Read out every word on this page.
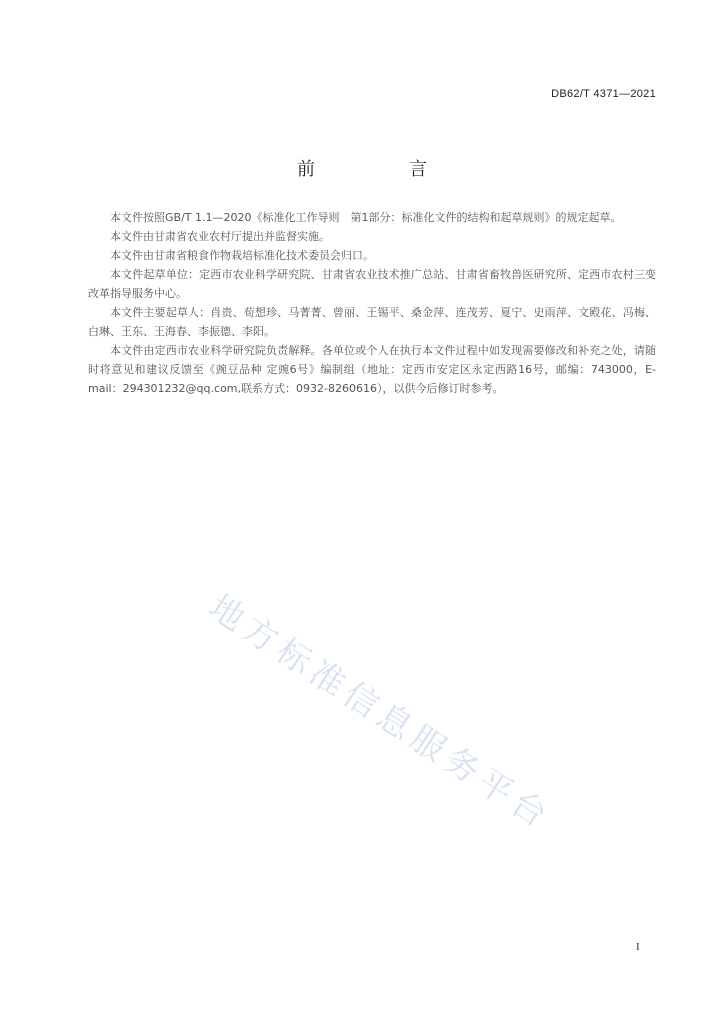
DB62/T 4371—2021
前　言

本文件按照GB/T 1.1—2020《标准化工作导则　第1部分：标准化文件的结构和起草规则》的规定起草。

本文件由甘肃省农业农村厅提出并监督实施。

本文件由甘肃省粮食作物栽培标准化技术委员会归口。

本文件起草单位：定西市农业科学研究院、甘肃省农业技术推广总站、甘肃省畜牧兽医研究所、定西市农村三变改革指导服务中心。

本文件主要起草人：肖贵、荀想珍、马菁菁、曾丽、王锡平、桑金萍、连茂芳、夏宁、史雨萍、文殿花、冯梅、白琳、王东、王海春、李振德、李阳。

本文件由定西市农业科学研究院负责解释。各单位或个人在执行本文件过程中如发现需要修改和补充之处，请随时将意见和建议反馈至《豌豆品种 定豌6号》编制组（地址：定西市安定区永定西路16号，邮编：743000，E-mail：294301232@qq.com,联系方式：0932-8260616），以供今后修订时参考。

地方标准信息服务平台
I
